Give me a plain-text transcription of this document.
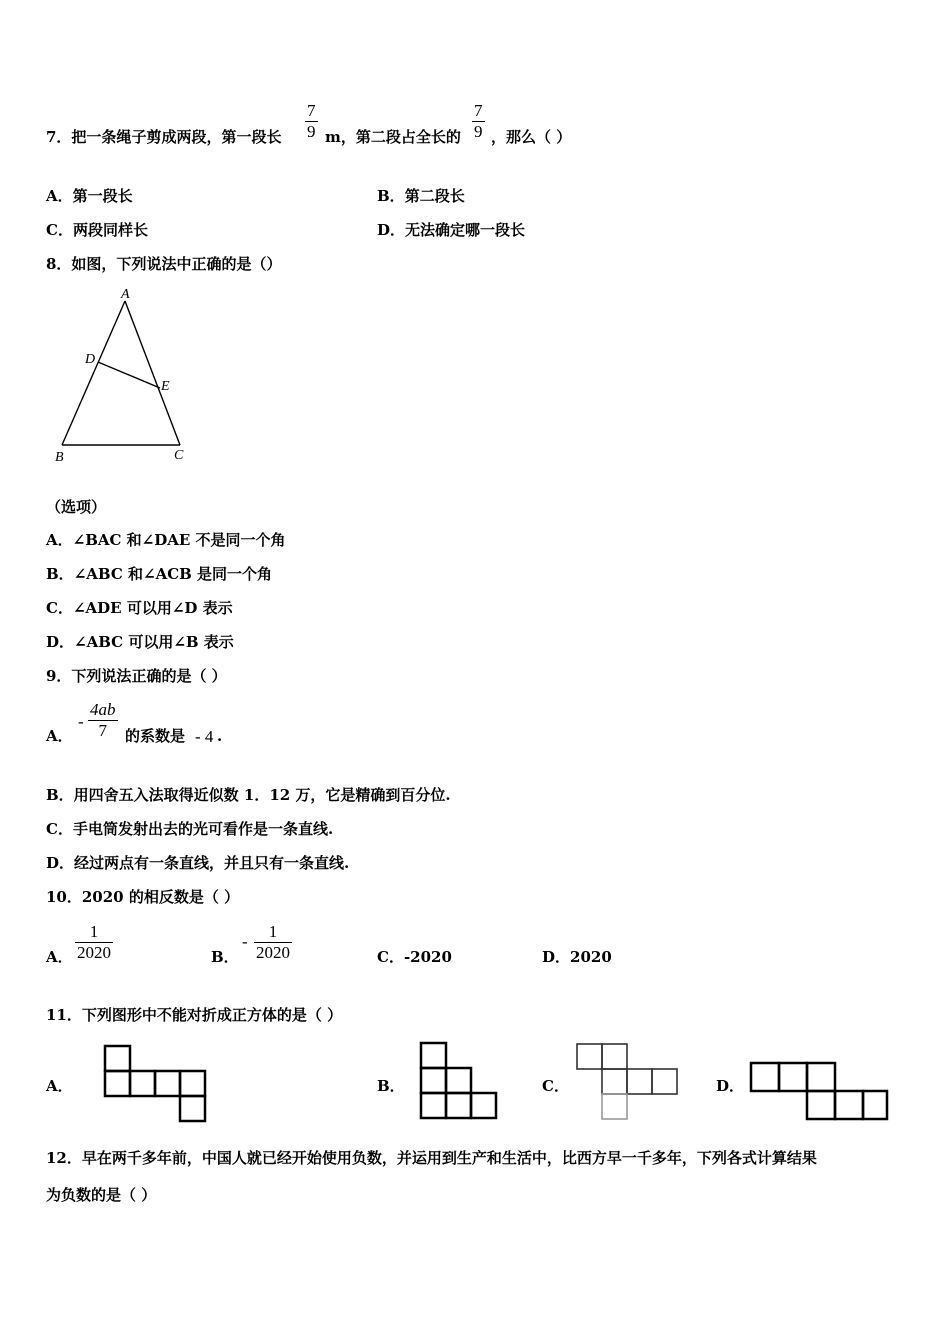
7．把一条绳子剪成两段，第一段长 $\frac{7}{9}$ m，第二段占全长的 $\frac{7}{9}$ ，那么（ ）
A．第一段长	B．第二段长
C．两段同样长	D．无法确定哪一段长
8．如图，下列说法中正确的是（）
A
D
E
B	C
（选项）
A．∠BAC 和∠DAE 不是同一个角
B．∠ABC 和∠ACB 是同一个角
C．∠ADE 可以用∠D 表示
D．∠ABC 可以用∠B 表示
9．下列说法正确的是（ ）
A．
- $\frac{4ab}{7}$ 的系数是 - 4 .
B．用四舍五入法取得近似数 1．12 万，它是精确到百分位.
C．手电筒发射出去的光可看作是一条直线.
D．经过两点有一条直线，并且只有一条直线.
10．2020 的相反数是（ ）
A． $\frac{1}{2020}$	B．
- $\frac{1}{2020}$	C．-2020	D．2020
11．下列图形中不能对折成正方体的是（ ）
A．	B．	C．	D．
12．早在两千多年前，中国人就已经开始使用负数，并运用到生产和生活中，比西方早一千多年，下列各式计算结果
为负数的是（ ）
